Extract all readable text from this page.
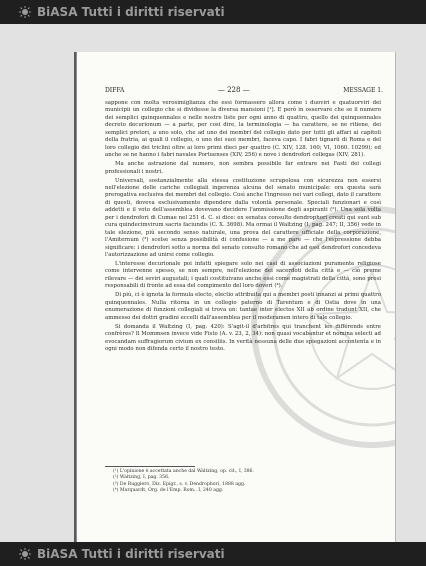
BiASA Tutti i diritti riservati
DIFFA	— 228 —	MESSAGE 1.

sappone con molta verosimiglianza che essi formassero allora come i duoviri e quatuorviri dei municipii un collegio che si dividesse la diversa mansioni [¹]. E però in osservare che se il numero dei semplici quinquennales e nelle nostre liste per ogni anno di quattro, quello dei quinquennales decreto decurionum — a parte, per cosi dire, la terminologia — ha carattere, se ne ritiene, dei semplici pretori, a uno solo, che ad uno dei membri del collegio dato per tutti gli affari ai capitoli della fratria, ai quali il collegio, o uno dei suoi membri, faceva capo. I fabri tignarii di Roma e del loro collegio dei triclini oltre ai loro primi dieci per quattro (C. XIV, 128. 160; VI, 1060. 10299); ed anche se ne hanno i fabri navales Portuenses (XIV, 256) e nove i dendrofori collegas (XIV, 281).

Ma anche astrazione dal numero, non sembra possibile far entrare nei Fasti dei collegi professionali i nostri.

Universali, sostanzialmente alla stessa costituzione scrupolosa con sicurezza non essersi nell'elezione delle cariche collegiali ingerenza alcuna del senato municipale: ora questa sarà prerogativa esclusiva dei membri del collegio. Così anche l'ingresso nei vari collegi, dato il carattere di questi, doveva esclusivamente dipendere dalla volontà personale. Speciali funzionari e così addetti e il voto dell'assemblea dovevano decidere l'ammissione degli aspiranti (²). Una sola volta per i dendrofori di Cumae nel 251 d. C. si dice: ex senatus consulto dendrophori creati qui sunt sub cura quindecimvirum sacris faciundis (C. X. 3698). Ma ormai il Waltzing (I, pag. 247; II, 356) vede in tale elezione, più secondo senso naturale, una prova del carattere ufficiale della corporazione, l'Amiternum (³) scelse senza possibilità di confusione — a me pare — che l'espressione debba significare: i dendrofori sotto a norma del senato consulto romano che ad essi dendrofori concedeva l'autorizzazione ad unirsi come collegio.

L'interesse decurionale poi infatti spiegare solo nei casi di associazioni puramente religiose come intervenne spesso, se non sempre, nell'elezione dei sacerdoti della città e — ciò preme rilevare — dei seviri augustali; i quali costituivano anche essi come magistrati della città, sono presi responsabili di fronte ad essa del compimento del loro doveri (⁴).

Di più, ci è ignota la formula electo, electio attribuita qui a membri posti innanzi ai primi quattro quinquennales. Nulla ritorna in un collegio paterno di Tarentum e di Ostia dove in una enumerazione di funzioni collegiali si trova un: tantae inter electos XII ab ordine tradunt XII, che ammesso dei dottri gradini eccelli dall'assemblea per il moderamen intero di tale collegio.

Si domanda il Waltzing (I, pag. 420): S'agit-il d'arbitres qui tranchent les différends entre confrères? Il Mommsen invece vide Fisto (A. v. 23, 2, 34): non quasi vocabantur et nomina selecti ad evocandam suffragiorum civium ex consiliis. In verità nessuna delle due spiegazioni accontenta e in ogni modo non difenda certo il nostro testo.

(¹) L'opinione è accettata anche dal Waltzing, op. cit., I, 386.
(²) Waltzing, I, pag. 356.
(³) De Ruggiero, Diz. Epigr., s. v. Dendrophori, 1888 agg.
(⁴) Marquardt, Org. de l'Emp. Rom., I, 240 agg.
BiASA Tutti i diritti riservati
